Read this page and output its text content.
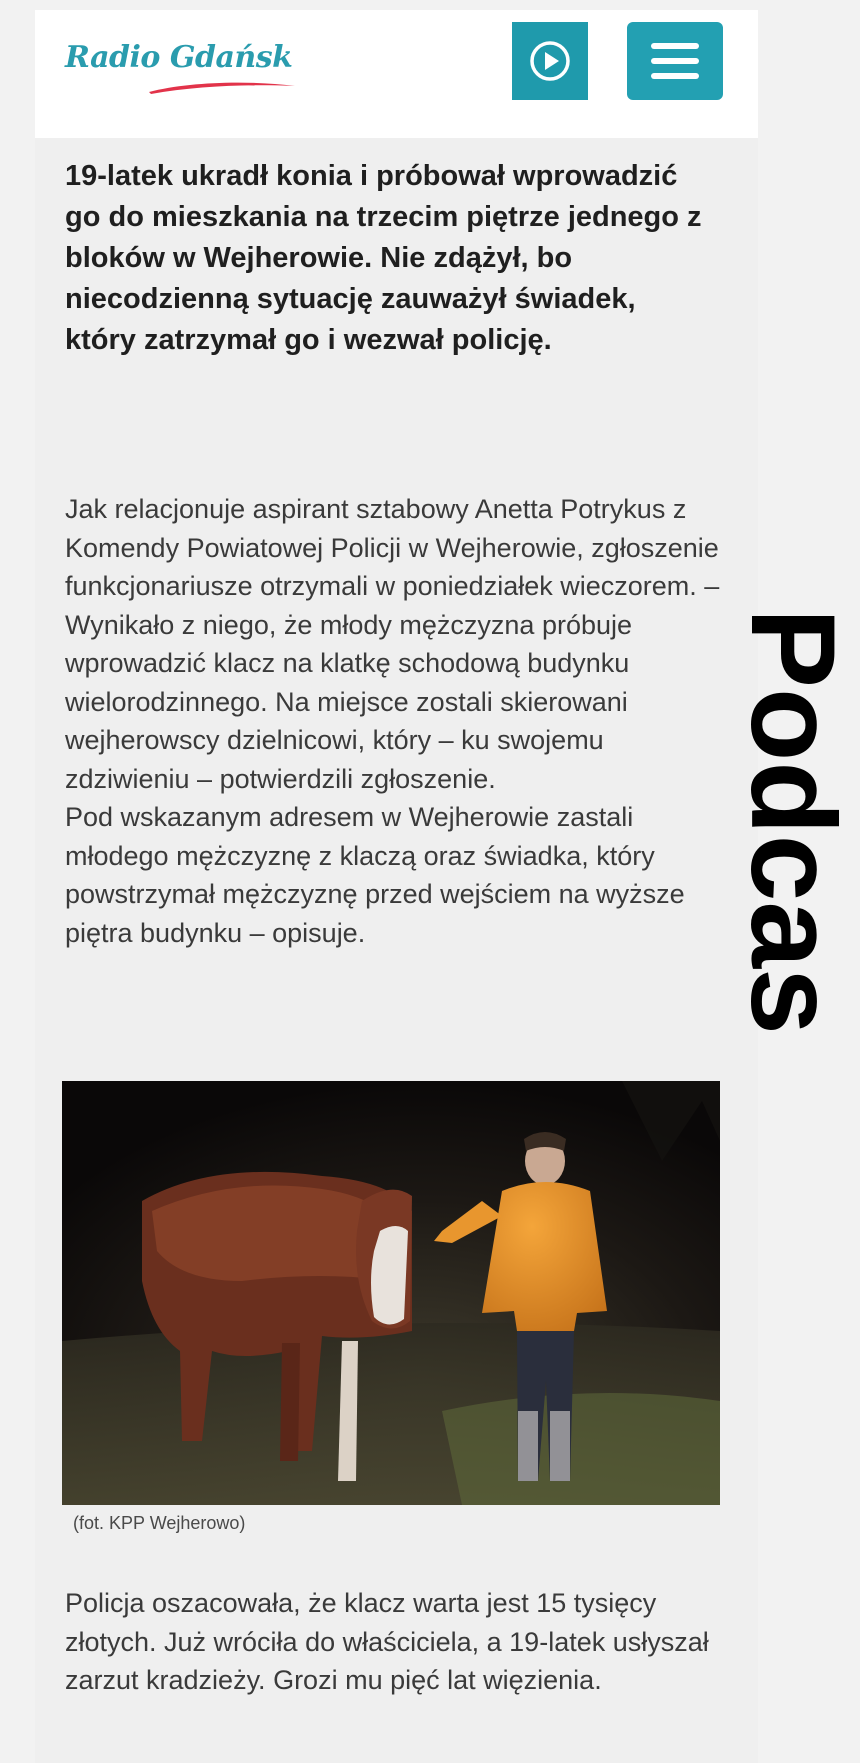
Radio Gdańsk

19-latek ukradł konia i próbował wprowadzić go do mieszkania na trzecim piętrze jednego z bloków w Wejherowie. Nie zdążył, bo niecodzienną sytuację zauważył świadek, który zatrzymał go i wezwał policję.

Jak relacjonuje aspirant sztabowy Anetta Potrykus z Komendy Powiatowej Policji w Wejherowie, zgłoszenie funkcjonariusze otrzymali w poniedziałek wieczorem. – Wynikało z niego, że młody mężczyzna próbuje wprowadzić klacz na klatkę schodową budynku wielorodzinnego. Na miejsce zostali skierowani wejherowscy dzielnicowi, który – ku swojemu zdziwieniu – potwierdzili zgłoszenie.
Pod wskazanym adresem w Wejherowie zastali młodego mężczyznę z klaczą oraz świadka, który powstrzymał mężczyznę przed wejściem na wyższe piętra budynku – opisuje.

(fot. KPP Wejherowo)

Policja oszacowała, że klacz warta jest 15 tysięcy złotych. Już wróciła do właściciela, a 19-latek usłyszał zarzut kradzieży. Grozi mu pięć lat więzienia.

Podcas
